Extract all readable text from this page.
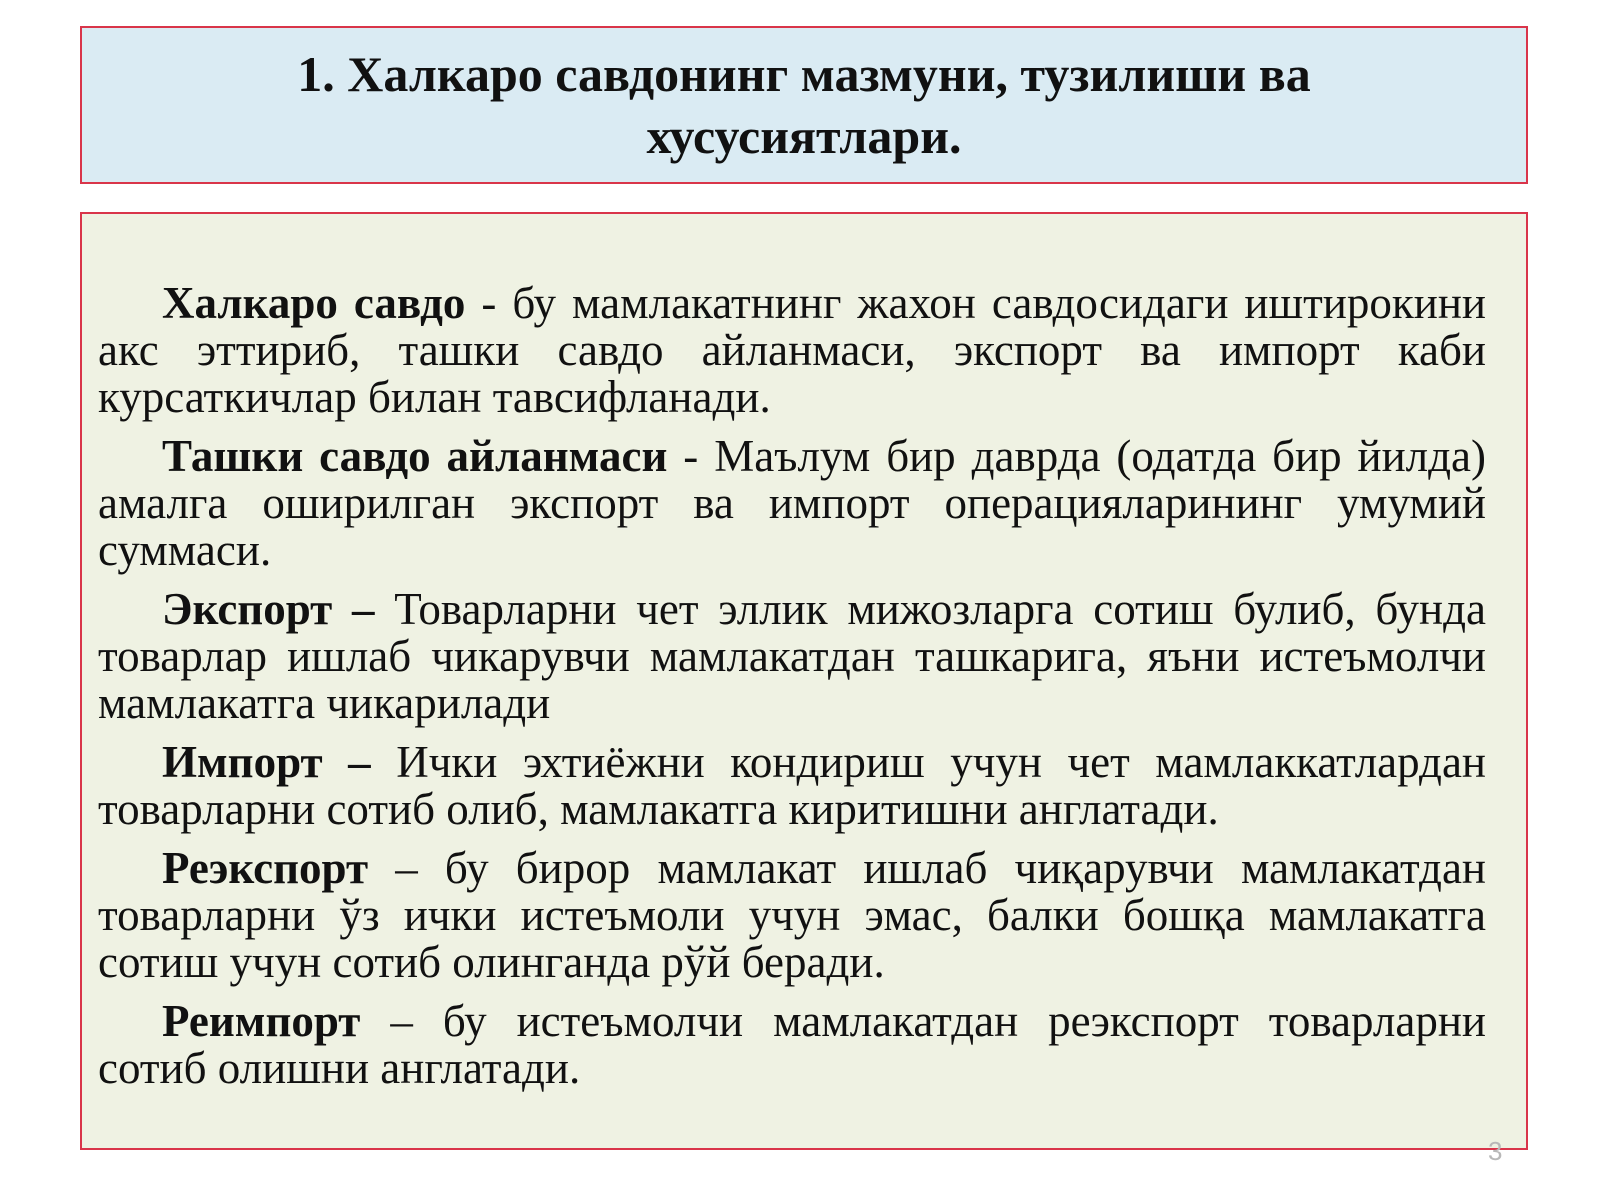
1. Халкаро савдонинг мазмуни, тузилиши ва
хусусиятлари.

Халкаро савдо - бу мамлакатнинг жахон савдосидаги иштирокини акс эттириб, ташки савдо айланмаси, экспорт ва импорт каби курсаткичлар билан тавсифланади.

Ташки савдо айланмаси - Маълум бир даврда (одатда бир йилда) амалга оширилган экспорт ва импорт операцияларининг умумий суммаси.

Экспорт – Товарларни чет эллик мижозларга сотиш булиб, бунда товарлар ишлаб чикарувчи мамлакатдан ташкарига, яъни истеъмолчи мамлакатга чикарилади

Импорт – Ички эхтиёжни кондириш учун чет мамлаккатлардан товарларни сотиб олиб, мамлакатга киритишни англатади.

Реэкспорт – бу бирор мамлакат ишлаб чиқарувчи мамлакатдан товарларни ўз ички истеъмоли учун эмас, балки бошқа мамлакатга сотиш учун сотиб олинганда рўй беради.

Реимпорт – бу истеъмолчи мамлакатдан реэкспорт товарларни сотиб олишни англатади.

3
